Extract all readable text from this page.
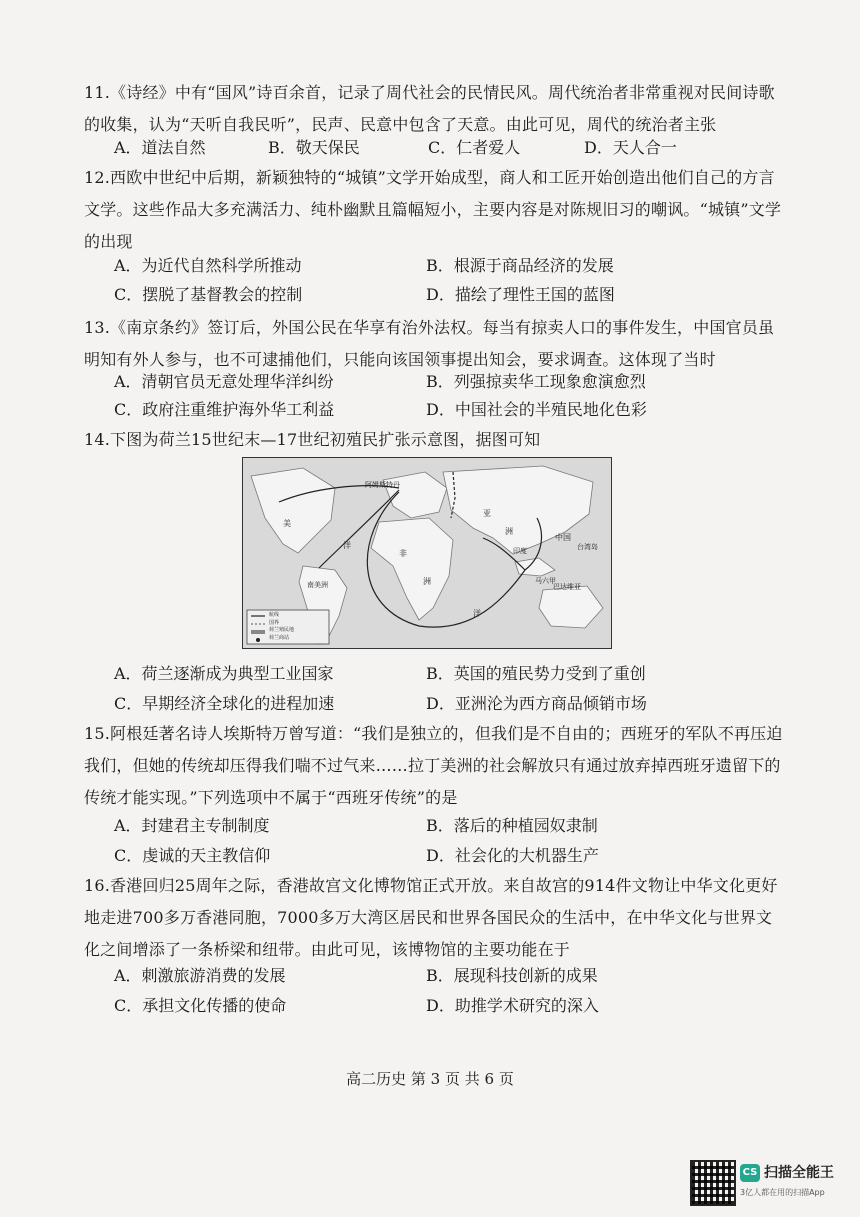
11.《诗经》中有“国风”诗百余首，记录了周代社会的民情民风。周代统治者非常重视对民间诗歌的收集，认为“天听自我民听”，民声、民意中包含了天意。由此可见，周代的统治者主张
A．道法自然	B．敬天保民	C．仁者爱人	D．天人合一
12.西欧中世纪中后期，新颖独特的“城镇”文学开始成型，商人和工匠开始创造出他们自己的方言文学。这些作品大多充满活力、纯朴幽默且篇幅短小，主要内容是对陈规旧习的嘲讽。“城镇”文学的出现
A．为近代自然科学所推动	B．根源于商品经济的发展
C．摆脱了基督教会的控制	D．描绘了理性王国的蓝图
13.《南京条约》签订后，外国公民在华享有治外法权。每当有掠卖人口的事件发生，中国官员虽明知有外人参与，也不可逮捕他们，只能向该国领事提出知会，要求调查。这体现了当时
A．清朝官员无意处理华洋纠纷	B．列强掠卖华工现象愈演愈烈
C．政府注重维护海外华工利益	D．中国社会的半殖民地化色彩
14.下图为荷兰15世纪末—17世纪初殖民扩张示意图，据图可知
中国
印度	台湾岛
阿姆斯特丹
马六甲
巴达维亚
洲
洲
亚
非
洋
洋
南美洲
美
航线
国界
荷兰殖民地
荷兰商站
A．荷兰逐渐成为典型工业国家	B．英国的殖民势力受到了重创
C．早期经济全球化的进程加速	D．亚洲沦为西方商品倾销市场
15.阿根廷著名诗人埃斯特万曾写道：“我们是独立的，但我们是不自由的；西班牙的军队不再压迫我们，但她的传统却压得我们喘不过气来……拉丁美洲的社会解放只有通过放弃掉西班牙遗留下的传统才能实现。”下列选项中不属于“西班牙传统”的是
A．封建君主专制制度	B．落后的种植园奴隶制
C．虔诚的天主教信仰	D．社会化的大机器生产
16.香港回归25周年之际，香港故宫文化博物馆正式开放。来自故宫的914件文物让中华文化更好地走进700多万香港同胞，7000多万大湾区居民和世界各国民众的生活中，在中华文化与世界文化之间增添了一条桥梁和纽带。由此可见，该博物馆的主要功能在于
A．刺激旅游消费的发展	B．展现科技创新的成果
C．承担文化传播的使命	D．助推学术研究的深入
高二历史 第 3 页 共 6 页
CS 扫描全能王
3亿人都在用的扫描App
